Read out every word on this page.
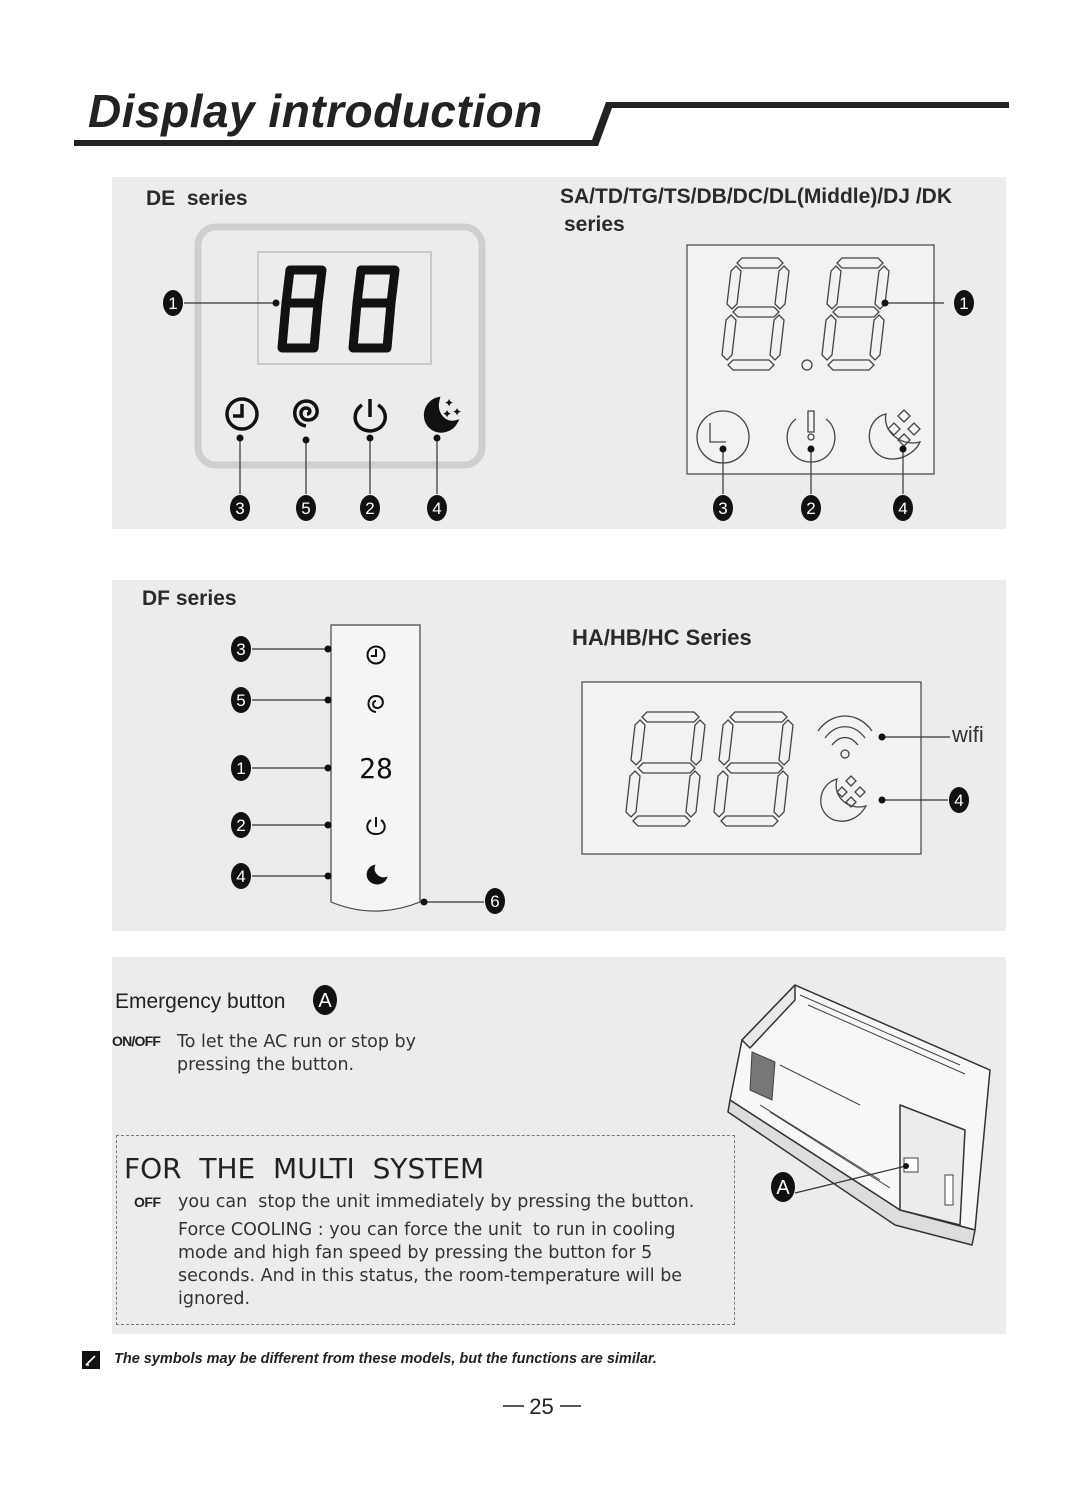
Display introduction
DE  series	SA/TD/TG/TS/DB/DC/DL(Middle)/DJ /DK
series
✦
✦
✦
1
3	5	2	4
1
3	2	4
DF series
HA/HB/HC Series
28
3
5
1
2
4
6
wifi
4
Emergency button A
ON/OFF To let the AC run or stop by
pressing the button.
FOR  THE  MULTI  SYSTEM
OFF you can  stop the unit immediately by pressing the button.
Force COOLING : you can force the unit  to run in cooling
mode and high fan speed by pressing the button for 5
seconds. And in this status, the room-temperature will be
ignored.
A
The symbols may be different from these models, but the functions are similar.
25
